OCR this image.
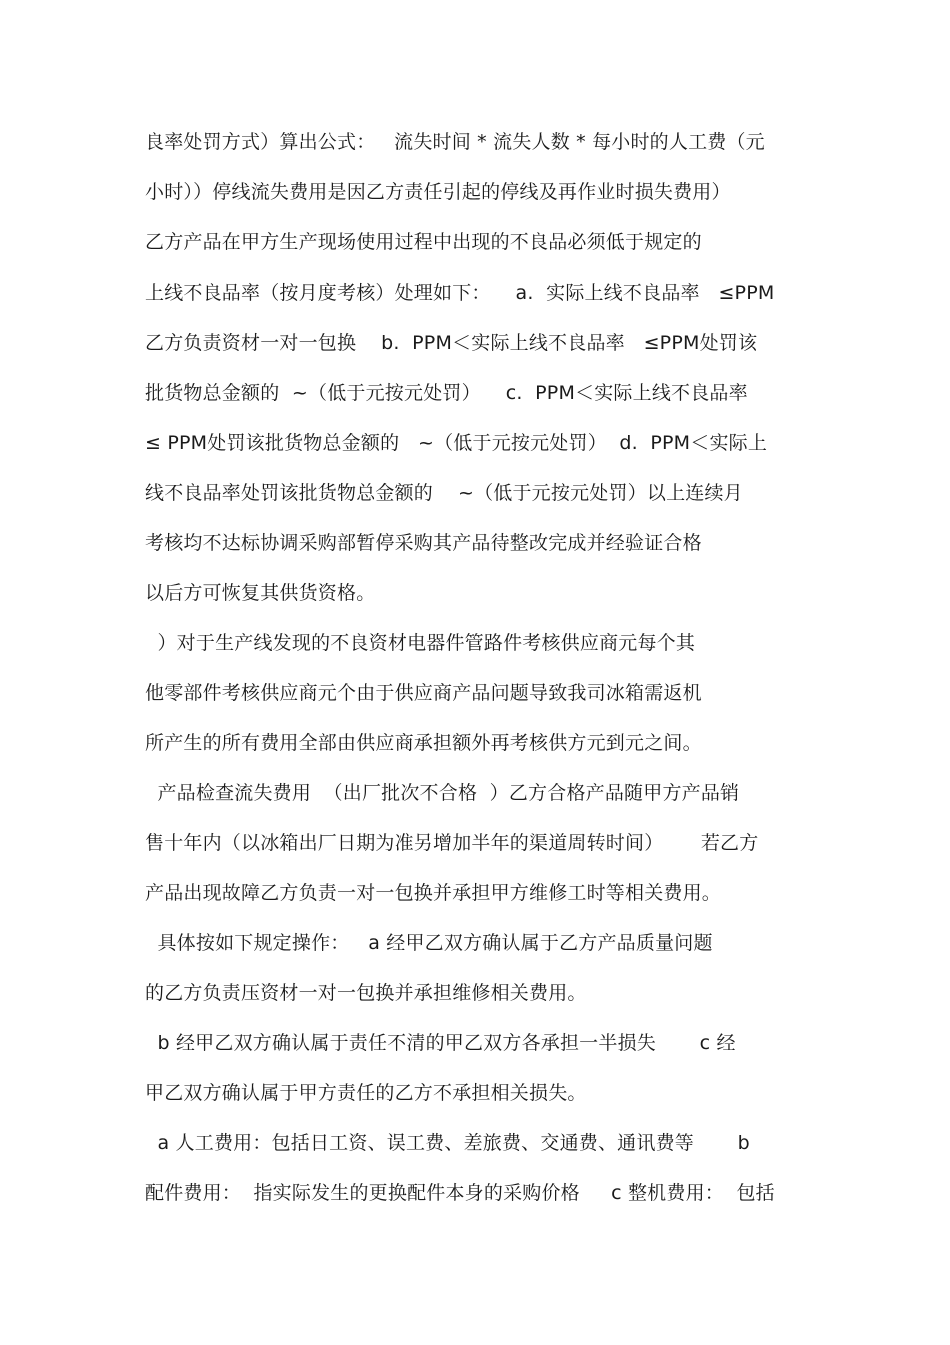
良率处罚方式）算出公式：   流失时间 * 流失人数 * 每小时的人工费（元
小时））停线流失费用是因乙方责任引起的停线及再作业时损失费用）
乙方产品在甲方生产现场使用过程中出现的不良品必须低于规定的
上线不良品率（按月度考核）处理如下：    a.  实际上线不良品率   ≤PPM
乙方负责资材一对一包换    b.  PPM＜实际上线不良品率   ≤PPM处罚该
批货物总金额的  ~（低于元按元处罚）    c.  PPM＜实际上线不良品率
≤ PPM处罚该批货物总金额的   ~（低于元按元处罚）  d.  PPM＜实际上
线不良品率处罚该批货物总金额的    ~（低于元按元处罚）以上连续月
考核均不达标协调采购部暂停采购其产品待整改完成并经验证合格
以后方可恢复其供货资格。
）对于生产线发现的不良资材电器件管路件考核供应商元每个其
他零部件考核供应商元个由于供应商产品问题导致我司冰箱需返机
所产生的所有费用全部由供应商承担额外再考核供方元到元之间。
产品检查流失费用  （出厂批次不合格  ）乙方合格产品随甲方产品销
售十年内（以冰箱出厂日期为准另增加半年的渠道周转时间）      若乙方
产品出现故障乙方负责一对一包换并承担甲方维修工时等相关费用。
具体按如下规定操作：   a 经甲乙双方确认属于乙方产品质量问题
的乙方负责压资材一对一包换并承担维修相关费用。
b 经甲乙双方确认属于责任不清的甲乙双方各承担一半损失       c 经
甲乙双方确认属于甲方责任的乙方不承担相关损失。
a 人工费用：包括日工资、误工费、差旅费、交通费、通讯费等       b
配件费用：  指实际发生的更换配件本身的采购价格     c 整机费用：  包括
